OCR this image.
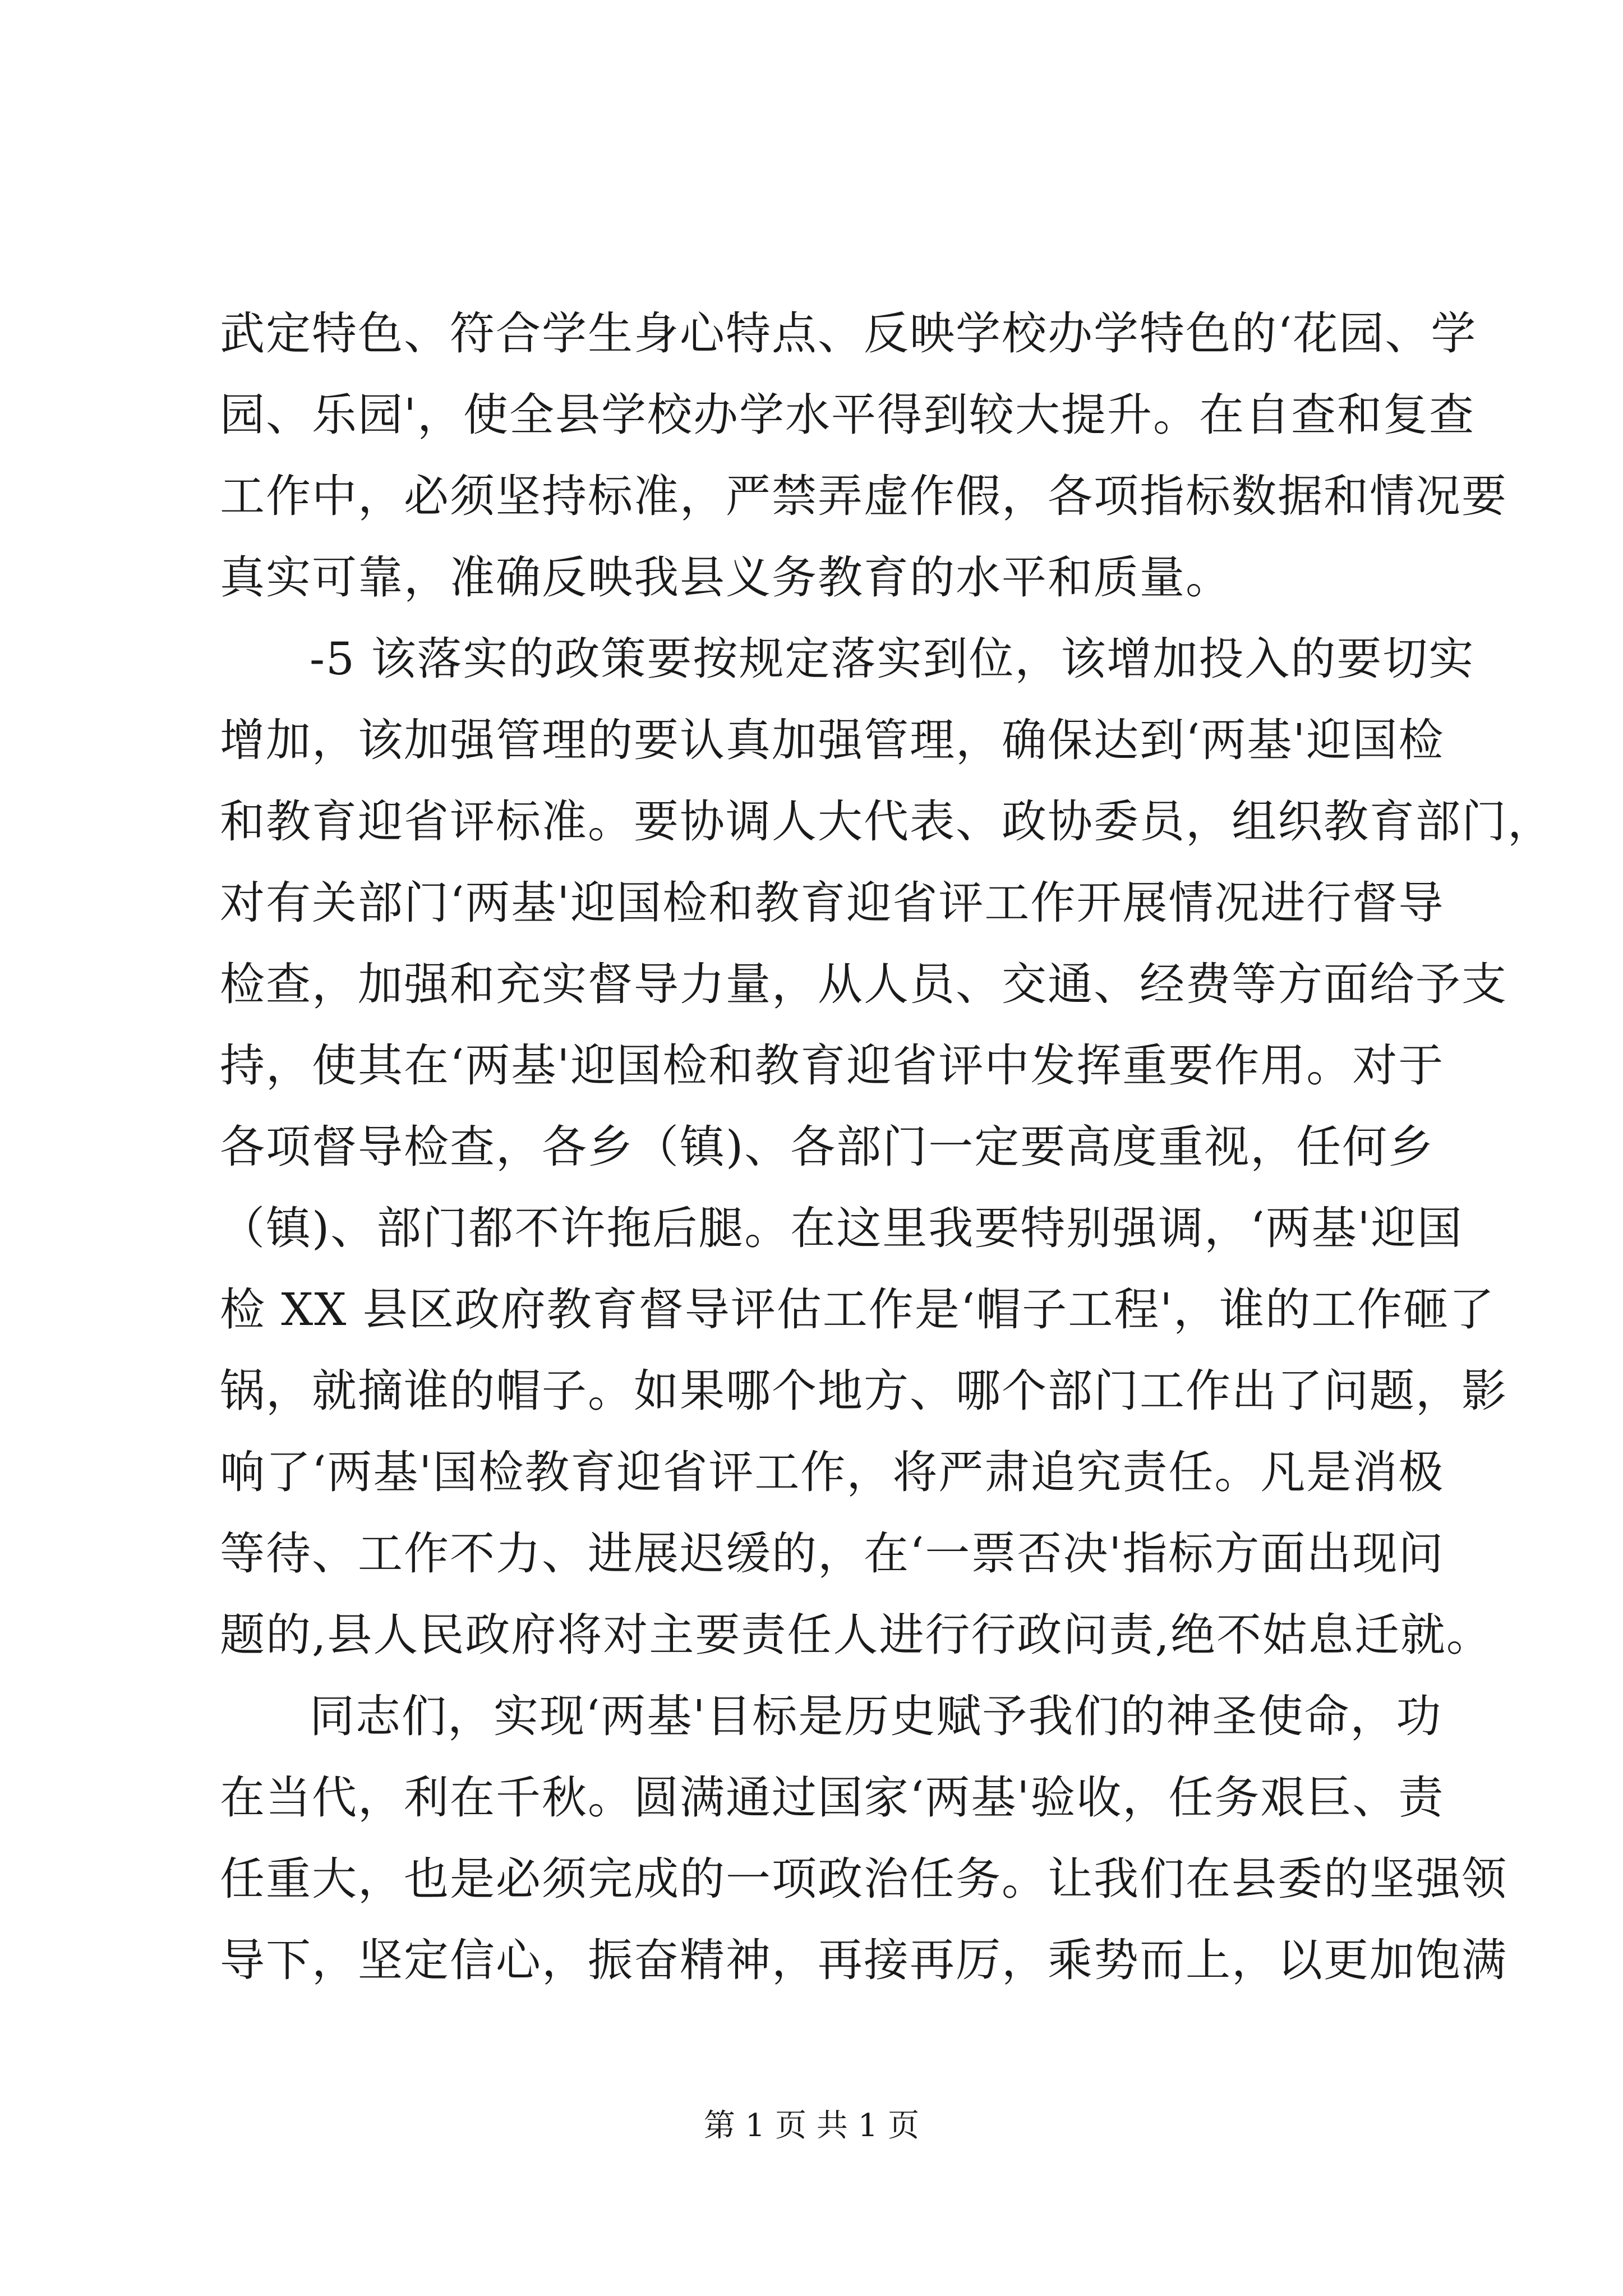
武定特色、符合学生身心特点、反映学校办学特色的‘花园、学
园、乐园'，使全县学校办学水平得到较大提升。在自查和复查
工作中，必须坚持标准，严禁弄虚作假，各项指标数据和情况要
真实可靠，准确反映我县义务教育的水平和质量。
-5 该落实的政策要按规定落实到位，该增加投入的要切实
增加，该加强管理的要认真加强管理，确保达到‘两基'迎国检
和教育迎省评标准。要协调人大代表、政协委员，组织教育部门，
对有关部门‘两基'迎国检和教育迎省评工作开展情况进行督导
检查，加强和充实督导力量，从人员、交通、经费等方面给予支
持，使其在‘两基'迎国检和教育迎省评中发挥重要作用。对于
各项督导检查，各乡（镇)、各部门一定要高度重视，任何乡
（镇)、部门都不许拖后腿。在这里我要特别强调，‘两基'迎国
检 XX 县区政府教育督导评估工作是‘帽子工程'，谁的工作砸了
锅，就摘谁的帽子。如果哪个地方、哪个部门工作出了问题，影
响了‘两基'国检教育迎省评工作，将严肃追究责任。凡是消极
等待、工作不力、进展迟缓的，在‘一票否决'指标方面出现问
题的,县人民政府将对主要责任人进行行政问责,绝不姑息迁就。
同志们，实现‘两基'目标是历史赋予我们的神圣使命，功
在当代，利在千秋。圆满通过国家‘两基'验收，任务艰巨、责
任重大，也是必须完成的一项政治任务。让我们在县委的坚强领
导下，坚定信心，振奋精神，再接再厉，乘势而上，以更加饱满
第 1 页 共 1 页
